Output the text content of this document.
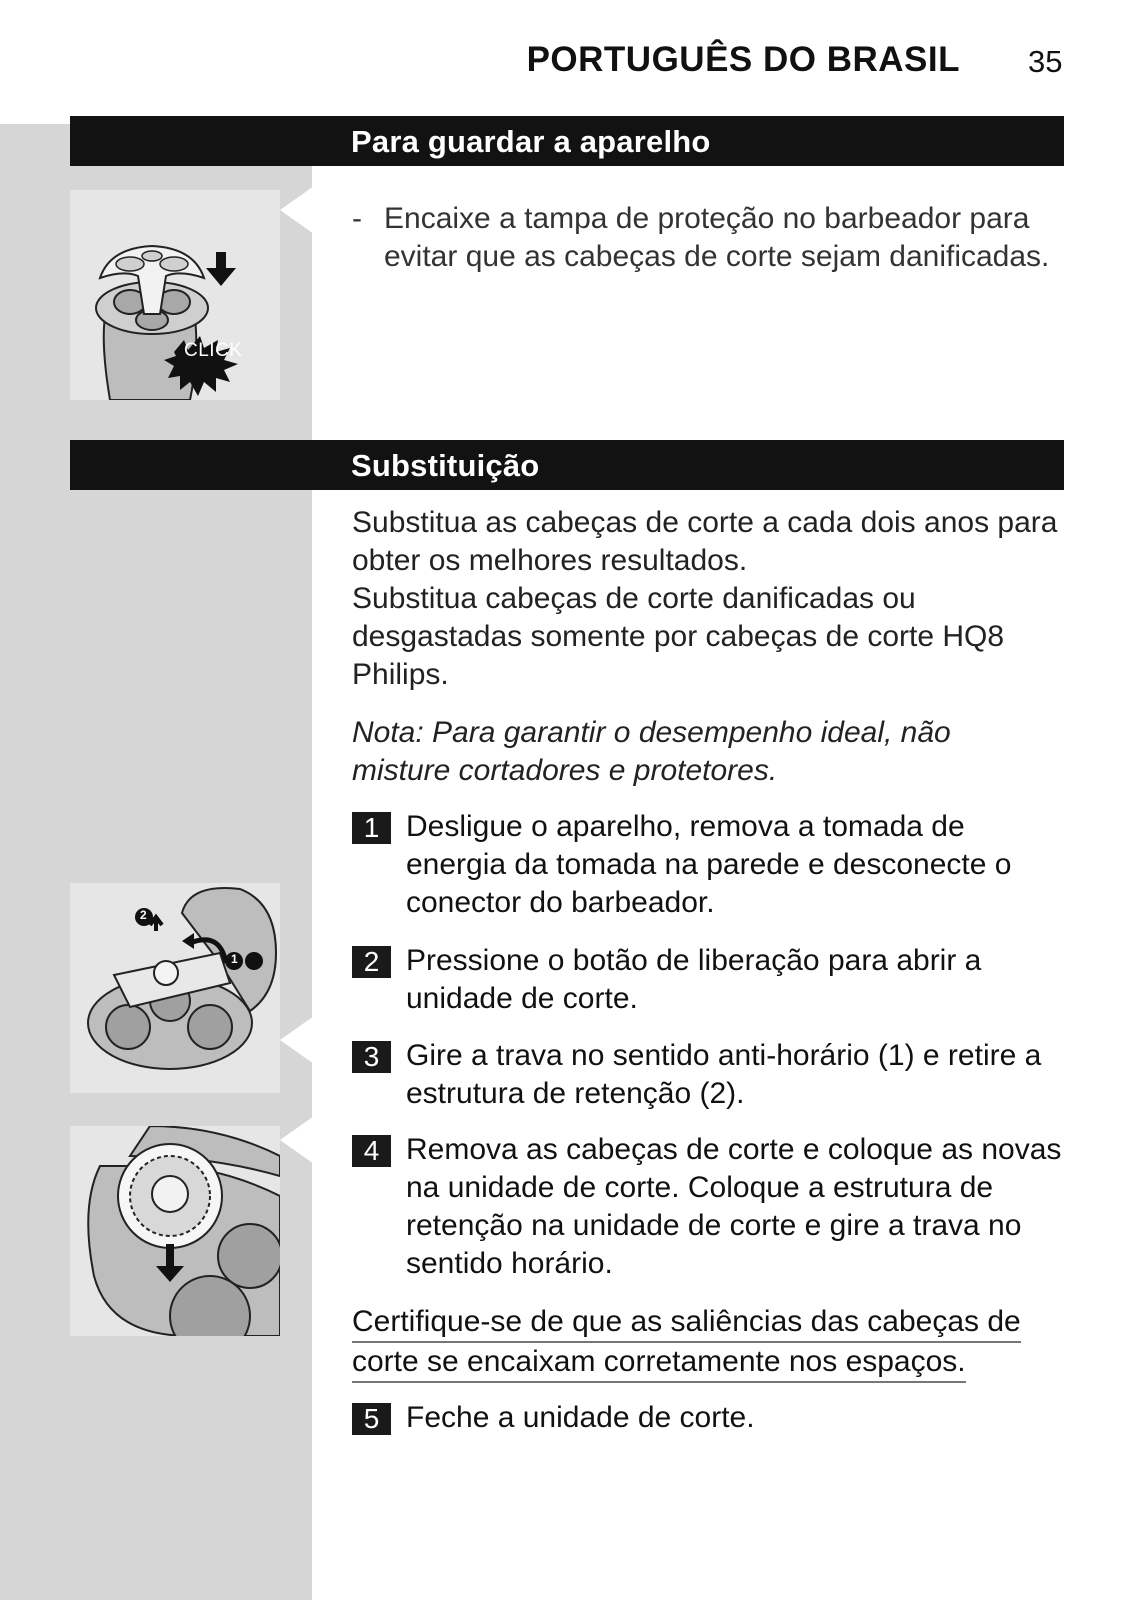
PORTUGUÊS DO BRASIL 35
Para guardar a aparelho
CLICK
- Encaixe a tampa de proteção no barbeador para evitar que as cabeças de corte sejam danificadas.
Substituição
Substitua as cabeças de corte a cada dois anos para obter os melhores resultados.
Substitua cabeças de corte danificadas ou desgastadas somente por cabeças de corte HQ8 Philips.
Nota: Para garantir o desempenho ideal, não misture cortadores e protetores.
1 Desligue o aparelho, remova a tomada de energia da tomada na parede e desconecte o conector do barbeador.
2 Pressione o botão de liberação para abrir a unidade de corte.
3 Gire a trava no sentido anti-horário (1) e retire a estrutura de retenção (2).
4 Remova as cabeças de corte e coloque as novas na unidade de corte. Coloque a estrutura de retenção na unidade de corte e gire a trava no sentido horário.
Certifique-se de que as saliências das cabeças de
corte se encaixam corretamente nos espaços.
5 Feche a unidade de corte.
2
1
